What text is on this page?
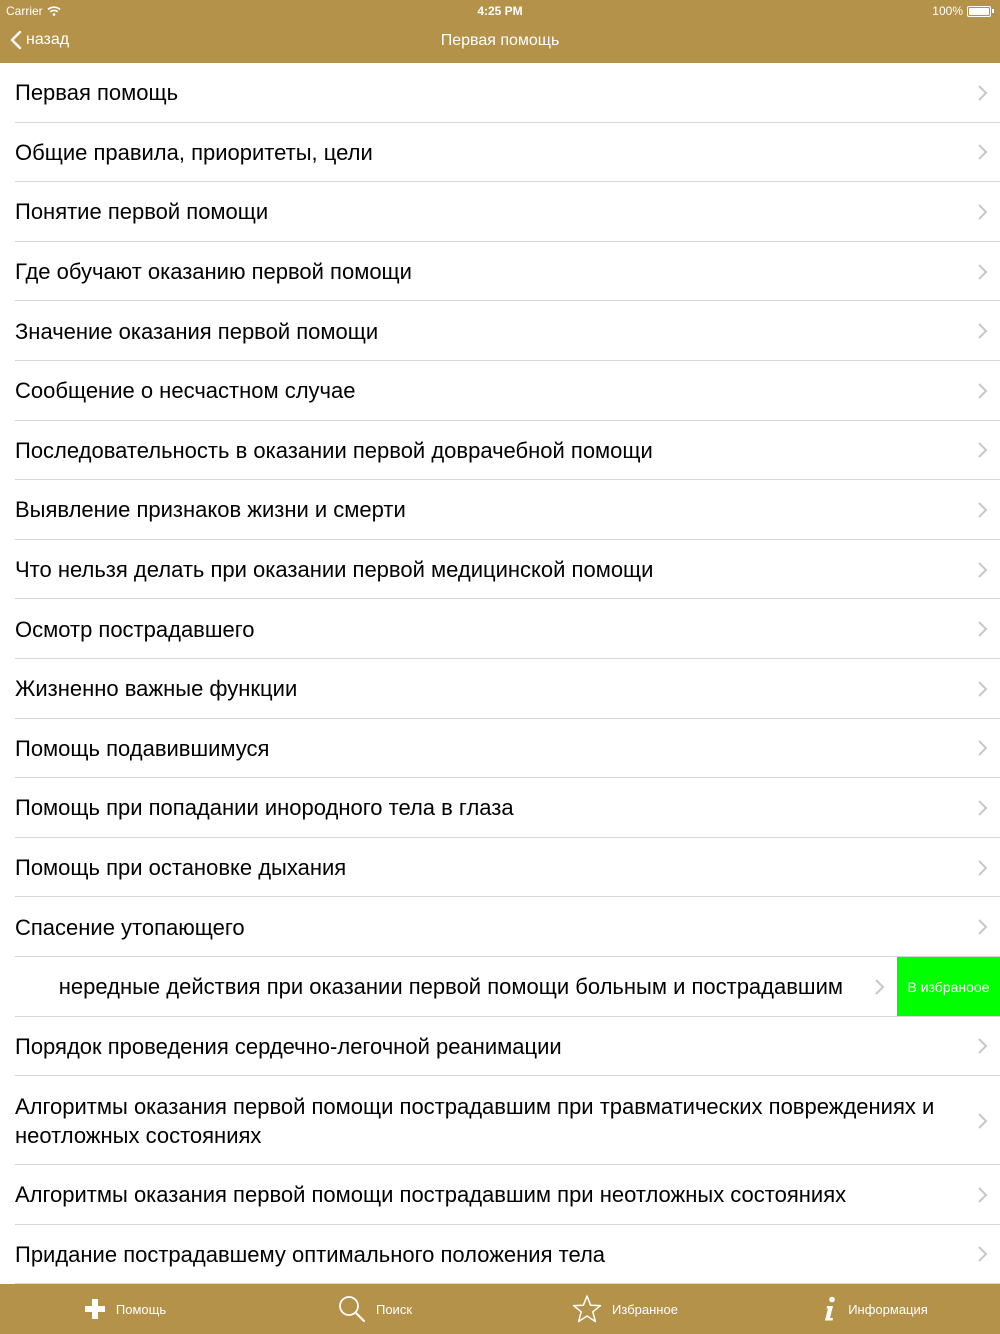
Carrier	4:25 PM	100%
назад	Первая помощь
Первая помощь
Общие правила, приоритеты, цели
Понятие первой помощи
Где обучают оказанию первой помощи
Значение оказания первой помощи
Сообщение о несчастном случае
Последовательность в оказании первой доврачебной помощи
Выявление признаков жизни и смерти
Что нельзя делать при оказании первой медицинской помощи
Осмотр пострадавшего
Жизненно важные функции
Помощь подавившимуся
Помощь при попадании инородного тела в глаза
Помощь при остановке дыхания
Спасение утопающего
нередные действия при оказании первой помощи больным и пострадавшим	В избраноое
Порядок проведения сердечно-легочной реанимации
Алгоритмы оказания первой помощи пострадавшим при травматических повреждениях и неотложных состояниях
Алгоритмы оказания первой помощи пострадавшим при неотложных состояниях
Придание пострадавшему оптимального положения тела
Помощь	Поиск	Избранное	Информация
